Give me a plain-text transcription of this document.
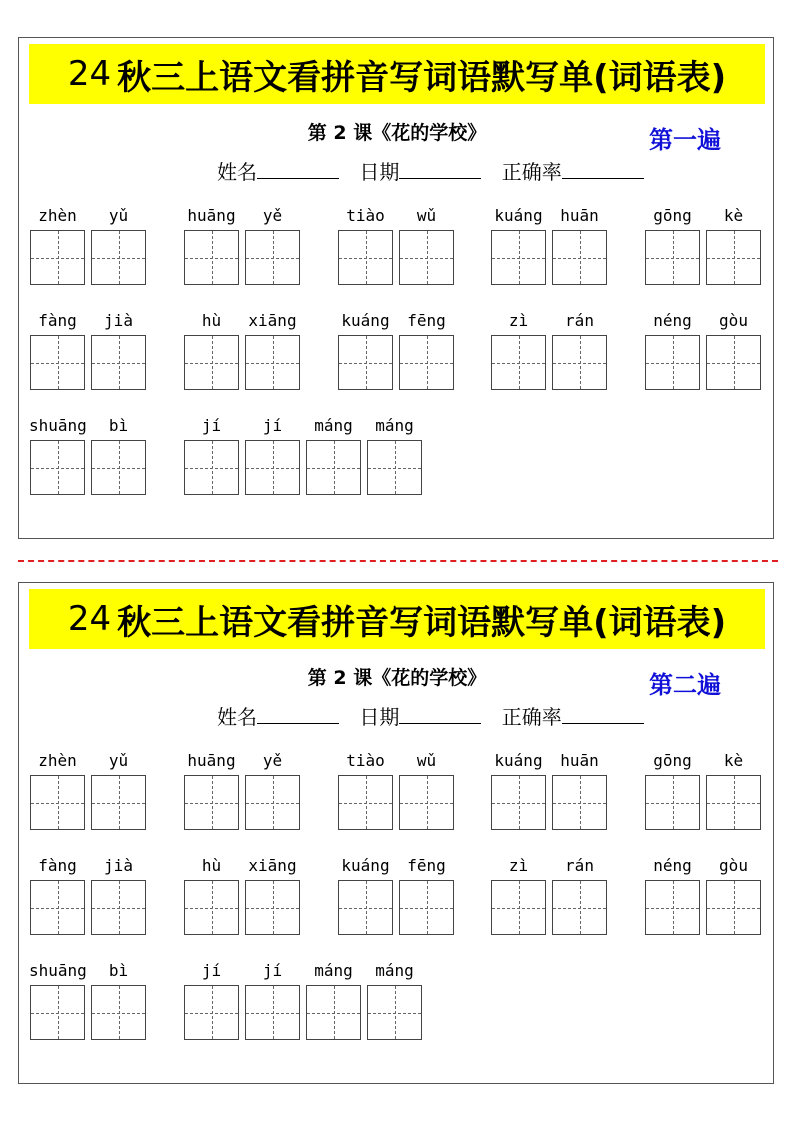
24 秋三上语文看拼音写词语默写单(词语表)
第 2 课《花的学校》	第一遍
姓名	日期	正确率
zhèn	yǔ	huāng	yě	tiào	wǔ	kuáng	huān	gōng	kè
fàng	jià	hù	xiāng	kuáng	fēng	zì	rán	néng	gòu
shuāng	bì	jí	jí	máng	máng
24 秋三上语文看拼音写词语默写单(词语表)
第 2 课《花的学校》	第二遍
姓名	日期	正确率
zhèn	yǔ	huāng	yě	tiào	wǔ	kuáng	huān	gōng	kè
fàng	jià	hù	xiāng	kuáng	fēng	zì	rán	néng	gòu
shuāng	bì	jí	jí	máng	máng
